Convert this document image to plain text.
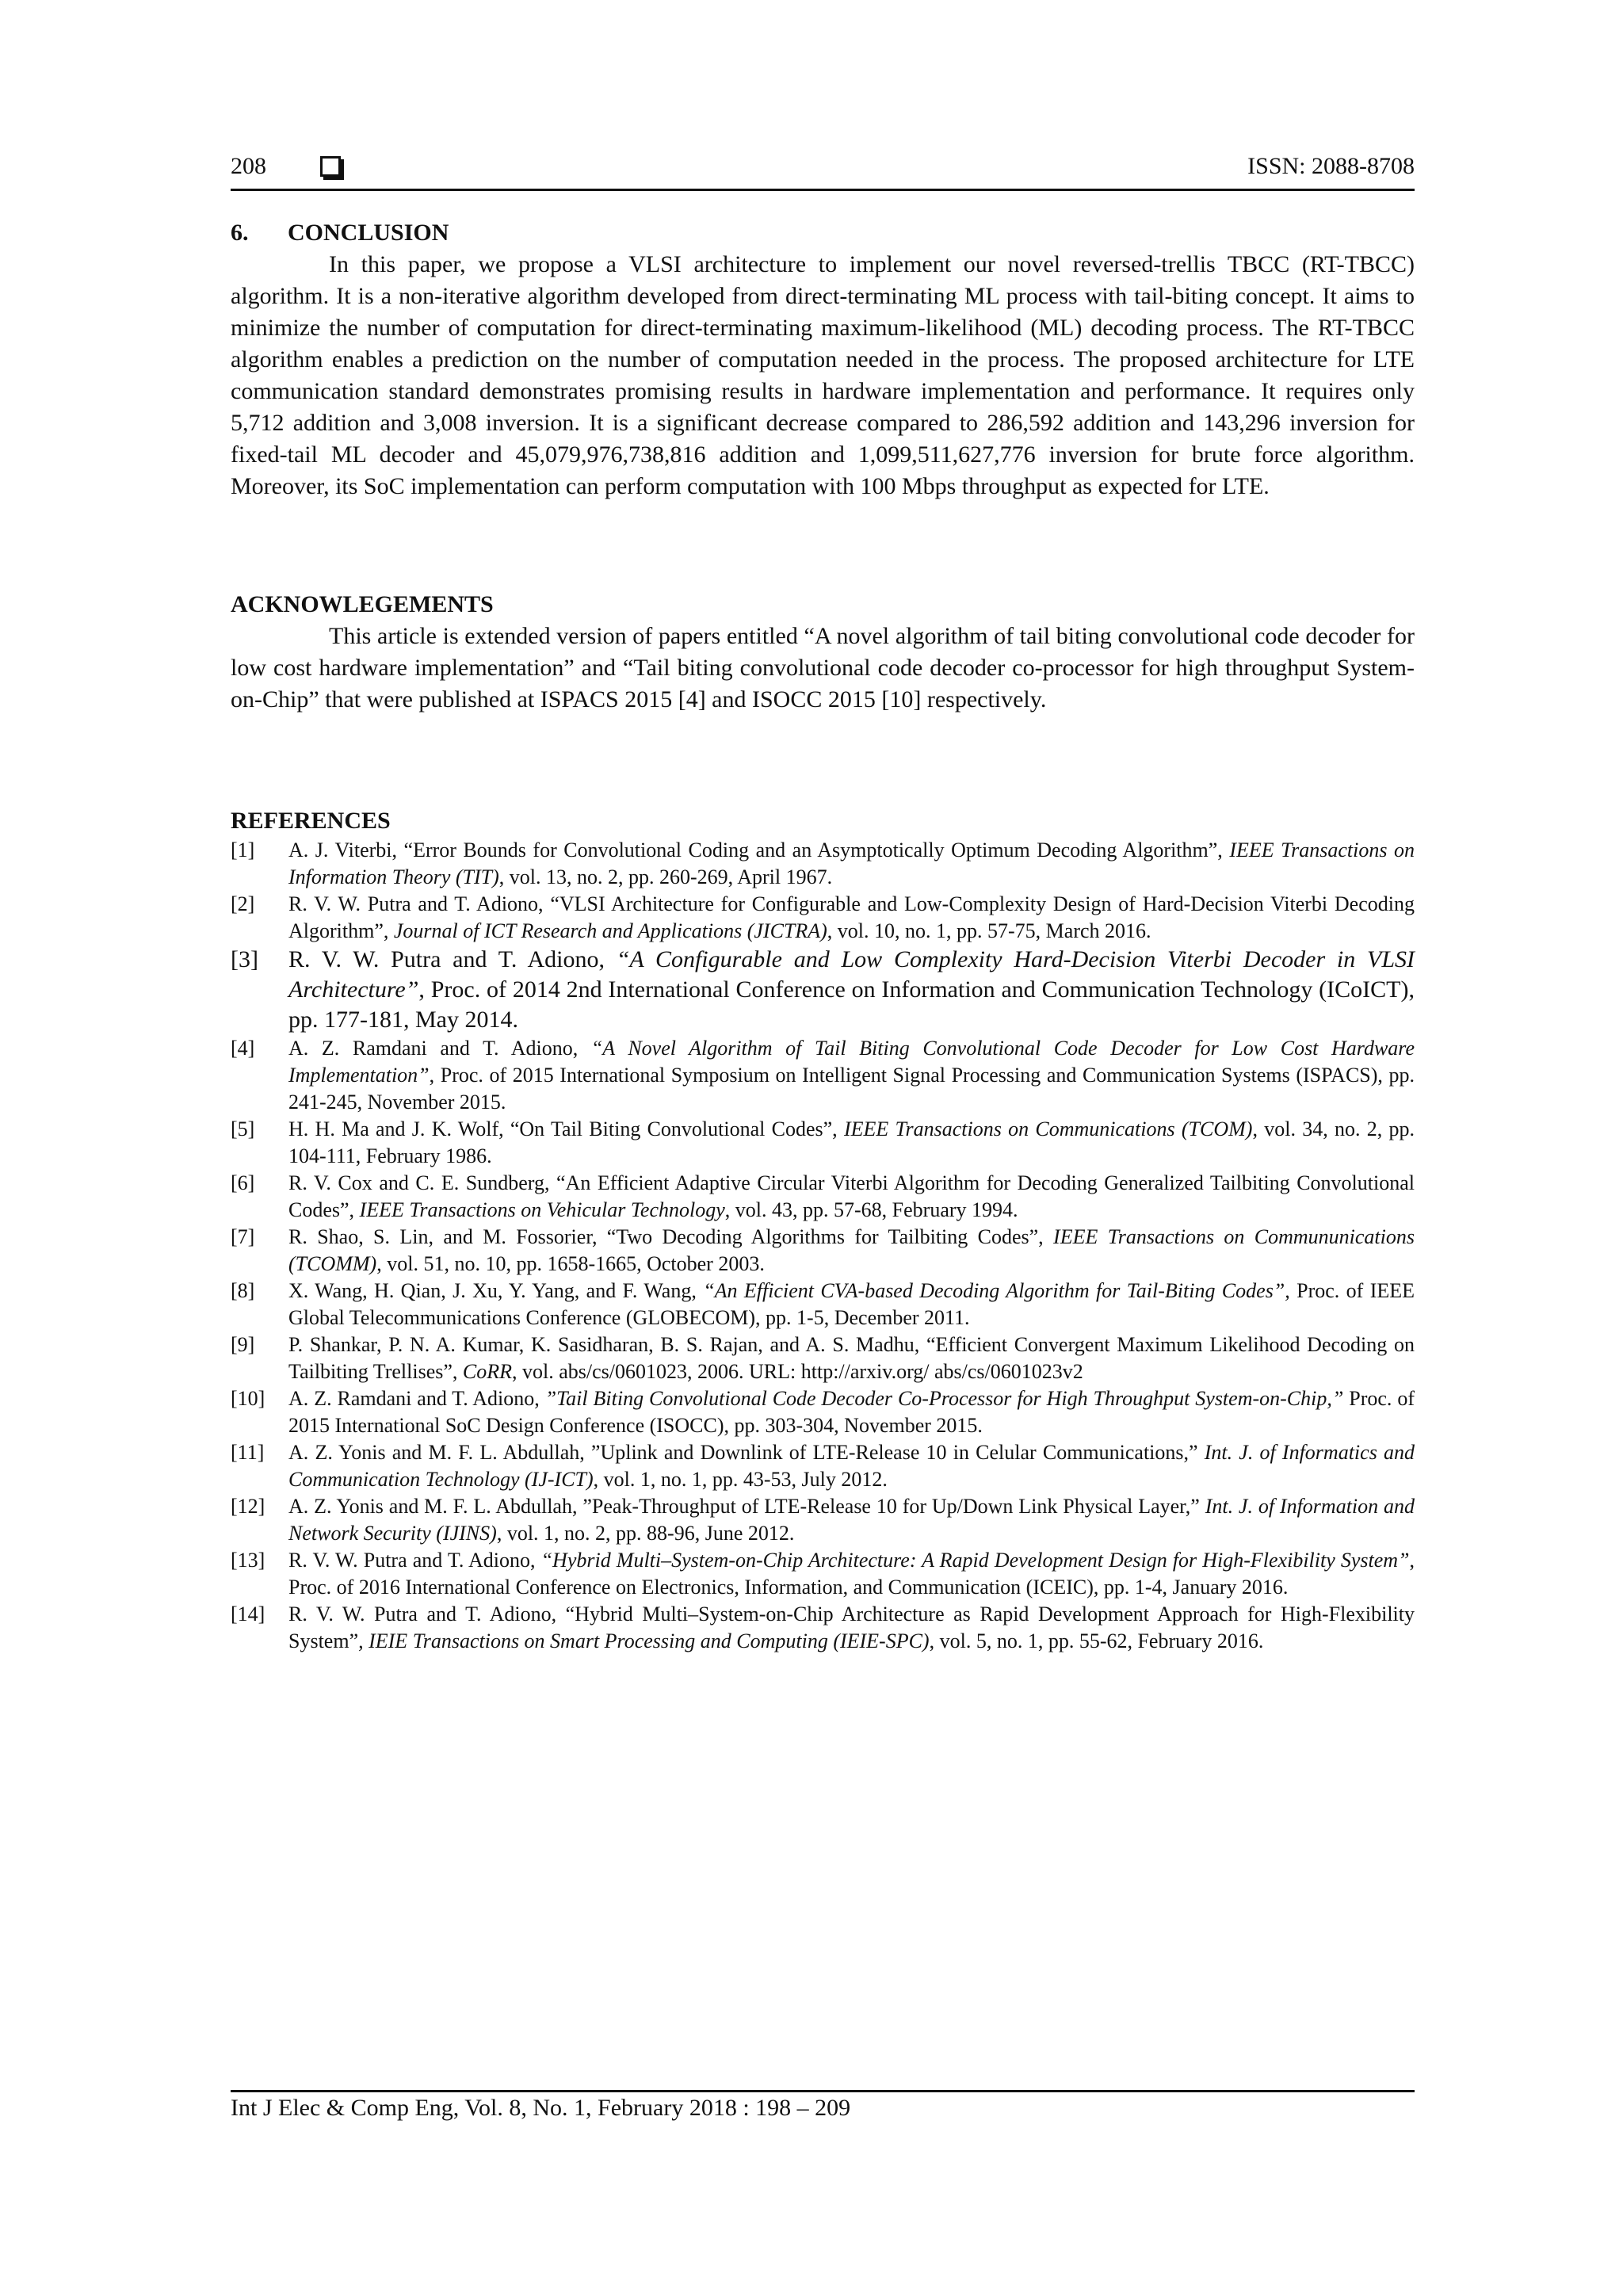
208	ISSN: 2088-8708
6. CONCLUSION

In this paper, we propose a VLSI architecture to implement our novel reversed-trellis TBCC (RT-TBCC) algorithm. It is a non-iterative algorithm developed from direct-terminating ML process with tail-biting concept. It aims to minimize the number of computation for direct-terminating maximum-likelihood (ML) decoding process. The RT-TBCC algorithm enables a prediction on the number of computation needed in the process. The proposed architecture for LTE communication standard demonstrates promising results in hardware implementation and performance. It requires only 5,712 addition and 3,008 inversion. It is a significant decrease compared to 286,592 addition and 143,296 inversion for fixed-tail ML decoder and 45,079,976,738,816 addition and 1,099,511,627,776 inversion for brute force algorithm. Moreover, its SoC implementation can perform computation with 100 Mbps throughput as expected for LTE.

ACKNOWLEGEMENTS

This article is extended version of papers entitled “A novel algorithm of tail biting convolutional code decoder for low cost hardware implementation” and “Tail biting convolutional code decoder co-processor for high throughput System-on-Chip” that were published at ISPACS 2015 [4] and ISOCC 2015 [10] respectively.

REFERENCES
[1] A. J. Viterbi, “Error Bounds for Convolutional Coding and an Asymptotically Optimum Decoding Algorithm”, IEEE Transactions on Information Theory (TIT), vol. 13, no. 2, pp. 260-269, April 1967.
[2] R. V. W. Putra and T. Adiono, “VLSI Architecture for Configurable and Low-Complexity Design of Hard-Decision Viterbi Decoding Algorithm”, Journal of ICT Research and Applications (JICTRA), vol. 10, no. 1, pp. 57-75, March 2016.
[3] R. V. W. Putra and T. Adiono, “A Configurable and Low Complexity Hard-Decision Viterbi Decoder in VLSI Architecture”, Proc. of 2014 2nd International Conference on Information and Communication Technology (ICoICT), pp. 177-181, May 2014.
[4] A. Z. Ramdani and T. Adiono, “A Novel Algorithm of Tail Biting Convolutional Code Decoder for Low Cost Hardware Implementation”, Proc. of 2015 International Symposium on Intelligent Signal Processing and Communication Systems (ISPACS), pp. 241-245, November 2015.
[5] H. H. Ma and J. K. Wolf, “On Tail Biting Convolutional Codes”, IEEE Transactions on Communications (TCOM), vol. 34, no. 2, pp. 104-111, February 1986.
[6] R. V. Cox and C. E. Sundberg, “An Efficient Adaptive Circular Viterbi Algorithm for Decoding Generalized Tailbiting Convolutional Codes”, IEEE Transactions on Vehicular Technology, vol. 43, pp. 57-68, February 1994.
[7] R. Shao, S. Lin, and M. Fossorier, “Two Decoding Algorithms for Tailbiting Codes”, IEEE Transactions on Commununications (TCOMM), vol. 51, no. 10, pp. 1658-1665, October 2003.
[8] X. Wang, H. Qian, J. Xu, Y. Yang, and F. Wang, “An Efficient CVA-based Decoding Algorithm for Tail-Biting Codes”, Proc. of IEEE Global Telecommunications Conference (GLOBECOM), pp. 1-5, December 2011.
[9] P. Shankar, P. N. A. Kumar, K. Sasidharan, B. S. Rajan, and A. S. Madhu, “Efficient Convergent Maximum Likelihood Decoding on Tailbiting Trellises”, CoRR, vol. abs/cs/0601023, 2006. URL: http://arxiv.org/ abs/cs/0601023v2
[10] A. Z. Ramdani and T. Adiono, ”Tail Biting Convolutional Code Decoder Co-Processor for High Throughput System-on-Chip,” Proc. of 2015 International SoC Design Conference (ISOCC), pp. 303-304, November 2015.
[11] A. Z. Yonis and M. F. L. Abdullah, ”Uplink and Downlink of LTE-Release 10 in Celular Communications,” Int. J. of Informatics and Communication Technology (IJ-ICT), vol. 1, no. 1, pp. 43-53, July 2012.
[12] A. Z. Yonis and M. F. L. Abdullah, ”Peak-Throughput of LTE-Release 10 for Up/Down Link Physical Layer,” Int. J. of Information and Network Security (IJINS), vol. 1, no. 2, pp. 88-96, June 2012.
[13] R. V. W. Putra and T. Adiono, “Hybrid Multi–System-on-Chip Architecture: A Rapid Development Design for High-Flexibility System”, Proc. of 2016 International Conference on Electronics, Information, and Communication (ICEIC), pp. 1-4, January 2016.
[14] R. V. W. Putra and T. Adiono, “Hybrid Multi–System-on-Chip Architecture as Rapid Development Approach for High-Flexibility System”, IEIE Transactions on Smart Processing and Computing (IEIE-SPC), vol. 5, no. 1, pp. 55-62, February 2016.
Int J Elec & Comp Eng, Vol. 8, No. 1, February 2018 : 198 – 209
